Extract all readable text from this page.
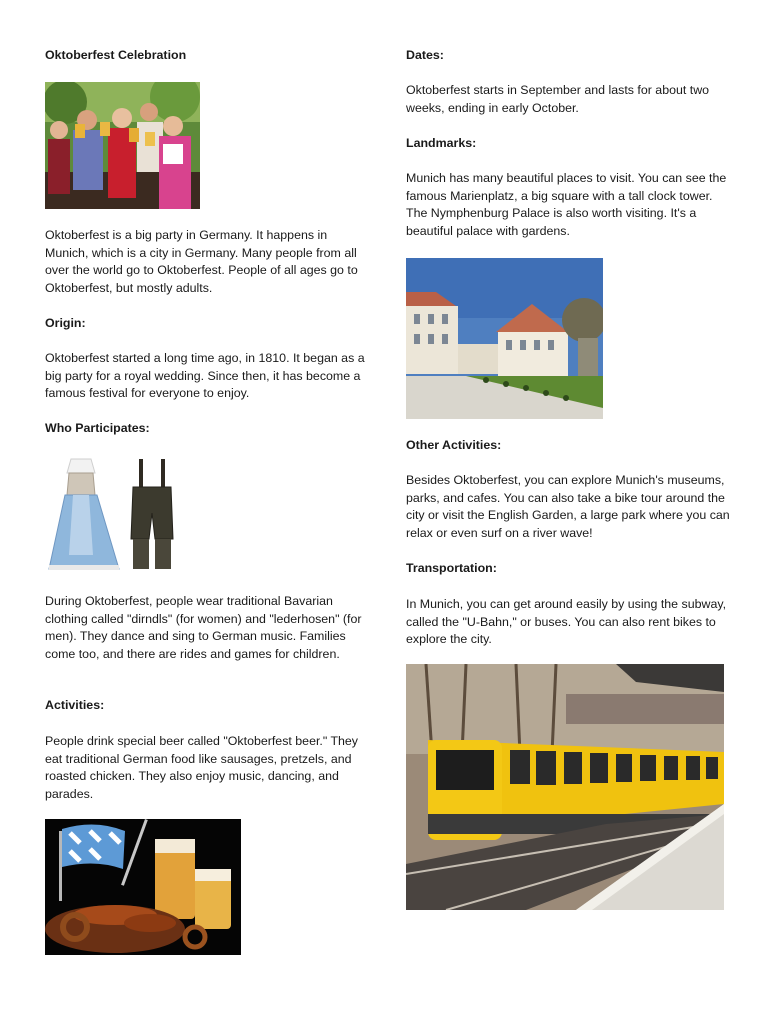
Oktoberfest Celebration

Oktoberfest is a big party in Germany. It happens in Munich, which is a city in Germany. Many people from all over the world go to Oktoberfest. People of all ages go to Oktoberfest, but mostly adults.

Origin:

Oktoberfest started a long time ago, in 1810. It began as a big party for a royal wedding. Since then, it has become a famous festival for everyone to enjoy.

Who Participates:

During Oktoberfest, people wear traditional Bavarian clothing called "dirndls" (for women) and "lederhosen" (for men). They dance and sing to German music. Families come too, and there are rides and games for children.

Activities:

People drink special beer called "Oktoberfest beer." They eat traditional German food like sausages, pretzels, and roasted chicken. They also enjoy music, dancing, and parades.

Dates:

Oktoberfest starts in September and lasts for about two weeks, ending in early October.

Landmarks:

Munich has many beautiful places to visit. You can see the famous Marienplatz, a big square with a tall clock tower. The Nymphenburg Palace is also worth visiting. It's a beautiful palace with gardens.

Other Activities:

Besides Oktoberfest, you can explore Munich's museums, parks, and cafes. You can also take a bike tour around the city or visit the English Garden, a large park where you can relax or even surf on a river wave!

Transportation:

In Munich, you can get around easily by using the subway, called the "U-Bahn," or buses. You can also rent bikes to explore the city.
